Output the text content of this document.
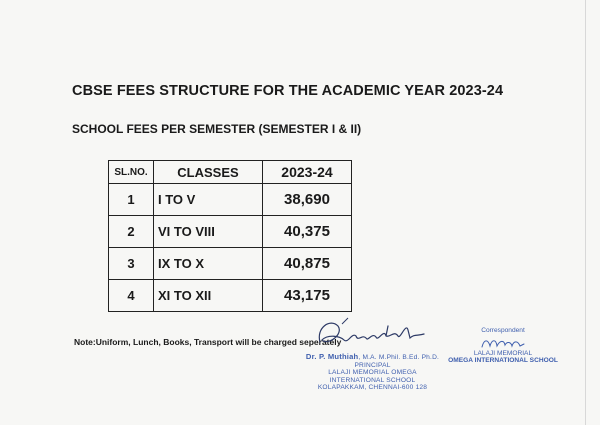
CBSE FEES STRUCTURE FOR THE ACADEMIC YEAR 2023-24
SCHOOL FEES PER SEMESTER (SEMESTER I & II)
SL.NO.	CLASSES	2023-24
1	I TO V	38,690
2	VI TO VIII	40,375
3	IX TO X	40,875
4	XI TO XII	43,175
Note:Uniform, Lunch, Books, Transport will be charged seperately
Dr. P. Muthiah, M.A. M.Phil. B.Ed. Ph.D.
PRINCIPAL
LALAJI MEMORIAL OMEGA
INTERNATIONAL SCHOOL
KOLAPAKKAM, CHENNAI-600 128
Correspondent
LALAJI MEMORIAL
OMEGA INTERNATIONAL SCHOOL
